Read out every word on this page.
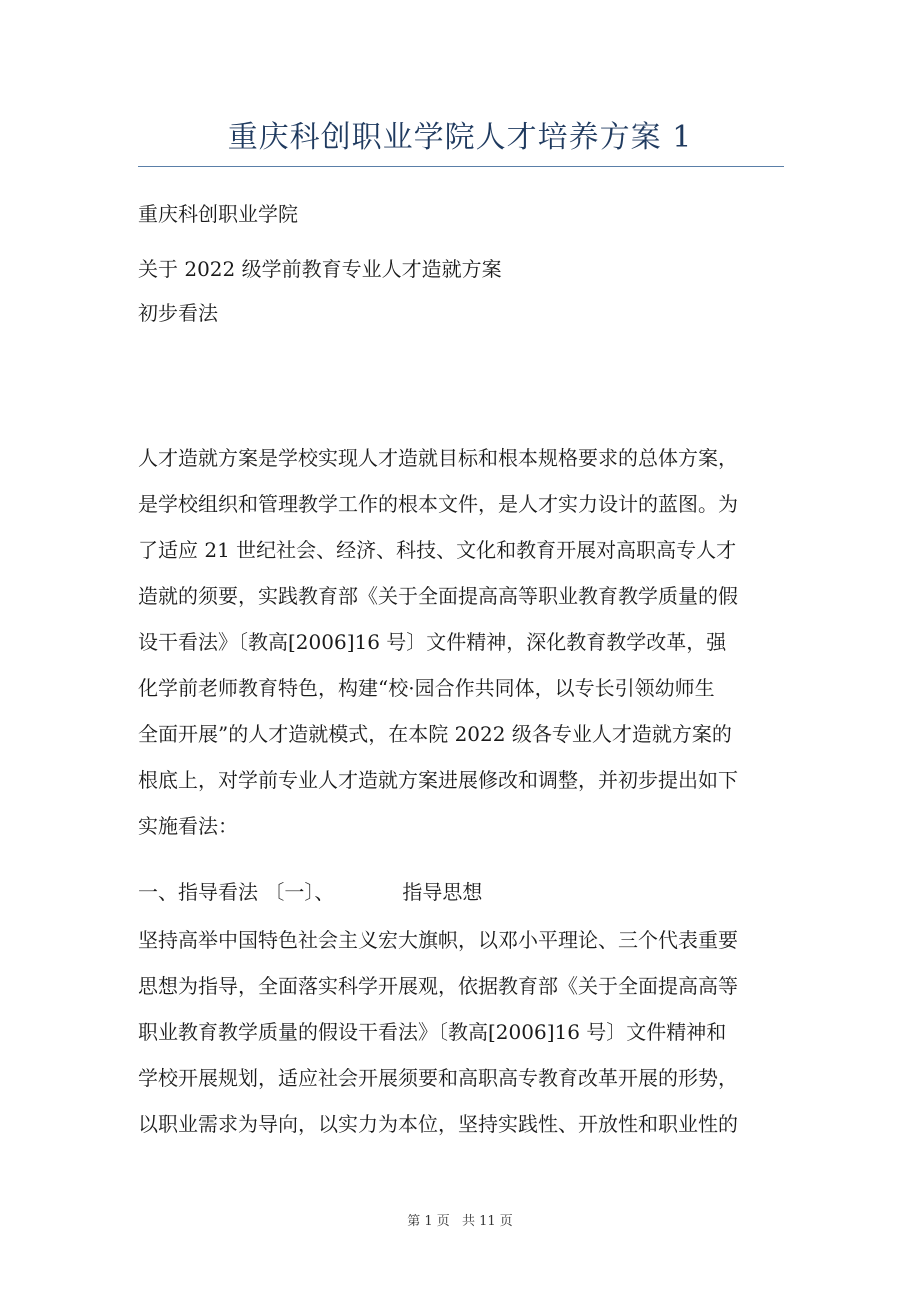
重庆科创职业学院人才培养方案 1
重庆科创职业学院
关于 2022 级学前教育专业人才造就方案
初步看法
人才造就方案是学校实现人才造就目标和根本规格要求的总体方案，
是学校组织和管理教学工作的根本文件，是人才实力设计的蓝图。为
了适应 21 世纪社会、经济、科技、文化和教育开展对高职高专人才
造就的须要，实践教育部《关于全面提高高等职业教育教学质量的假
设干看法》〔教高[2006]16 号〕文件精神，深化教育教学改革，强
化学前老师教育特色，构建“校·园合作共同体，以专长引领幼师生
全面开展”的人才造就模式，在本院 2022 级各专业人才造就方案的
根底上，对学前专业人才造就方案进展修改和调整，并初步提出如下
实施看法：
一、指导看法 〔一〕、	指导思想
坚持高举中国特色社会主义宏大旗帜，以邓小平理论、三个代表重要
思想为指导，全面落实科学开展观，依据教育部《关于全面提高高等
职业教育教学质量的假设干看法》〔教高[2006]16 号〕文件精神和
学校开展规划，适应社会开展须要和高职高专教育改革开展的形势，
以职业需求为导向，以实力为本位，坚持实践性、开放性和职业性的
第 1 页 共 11 页
